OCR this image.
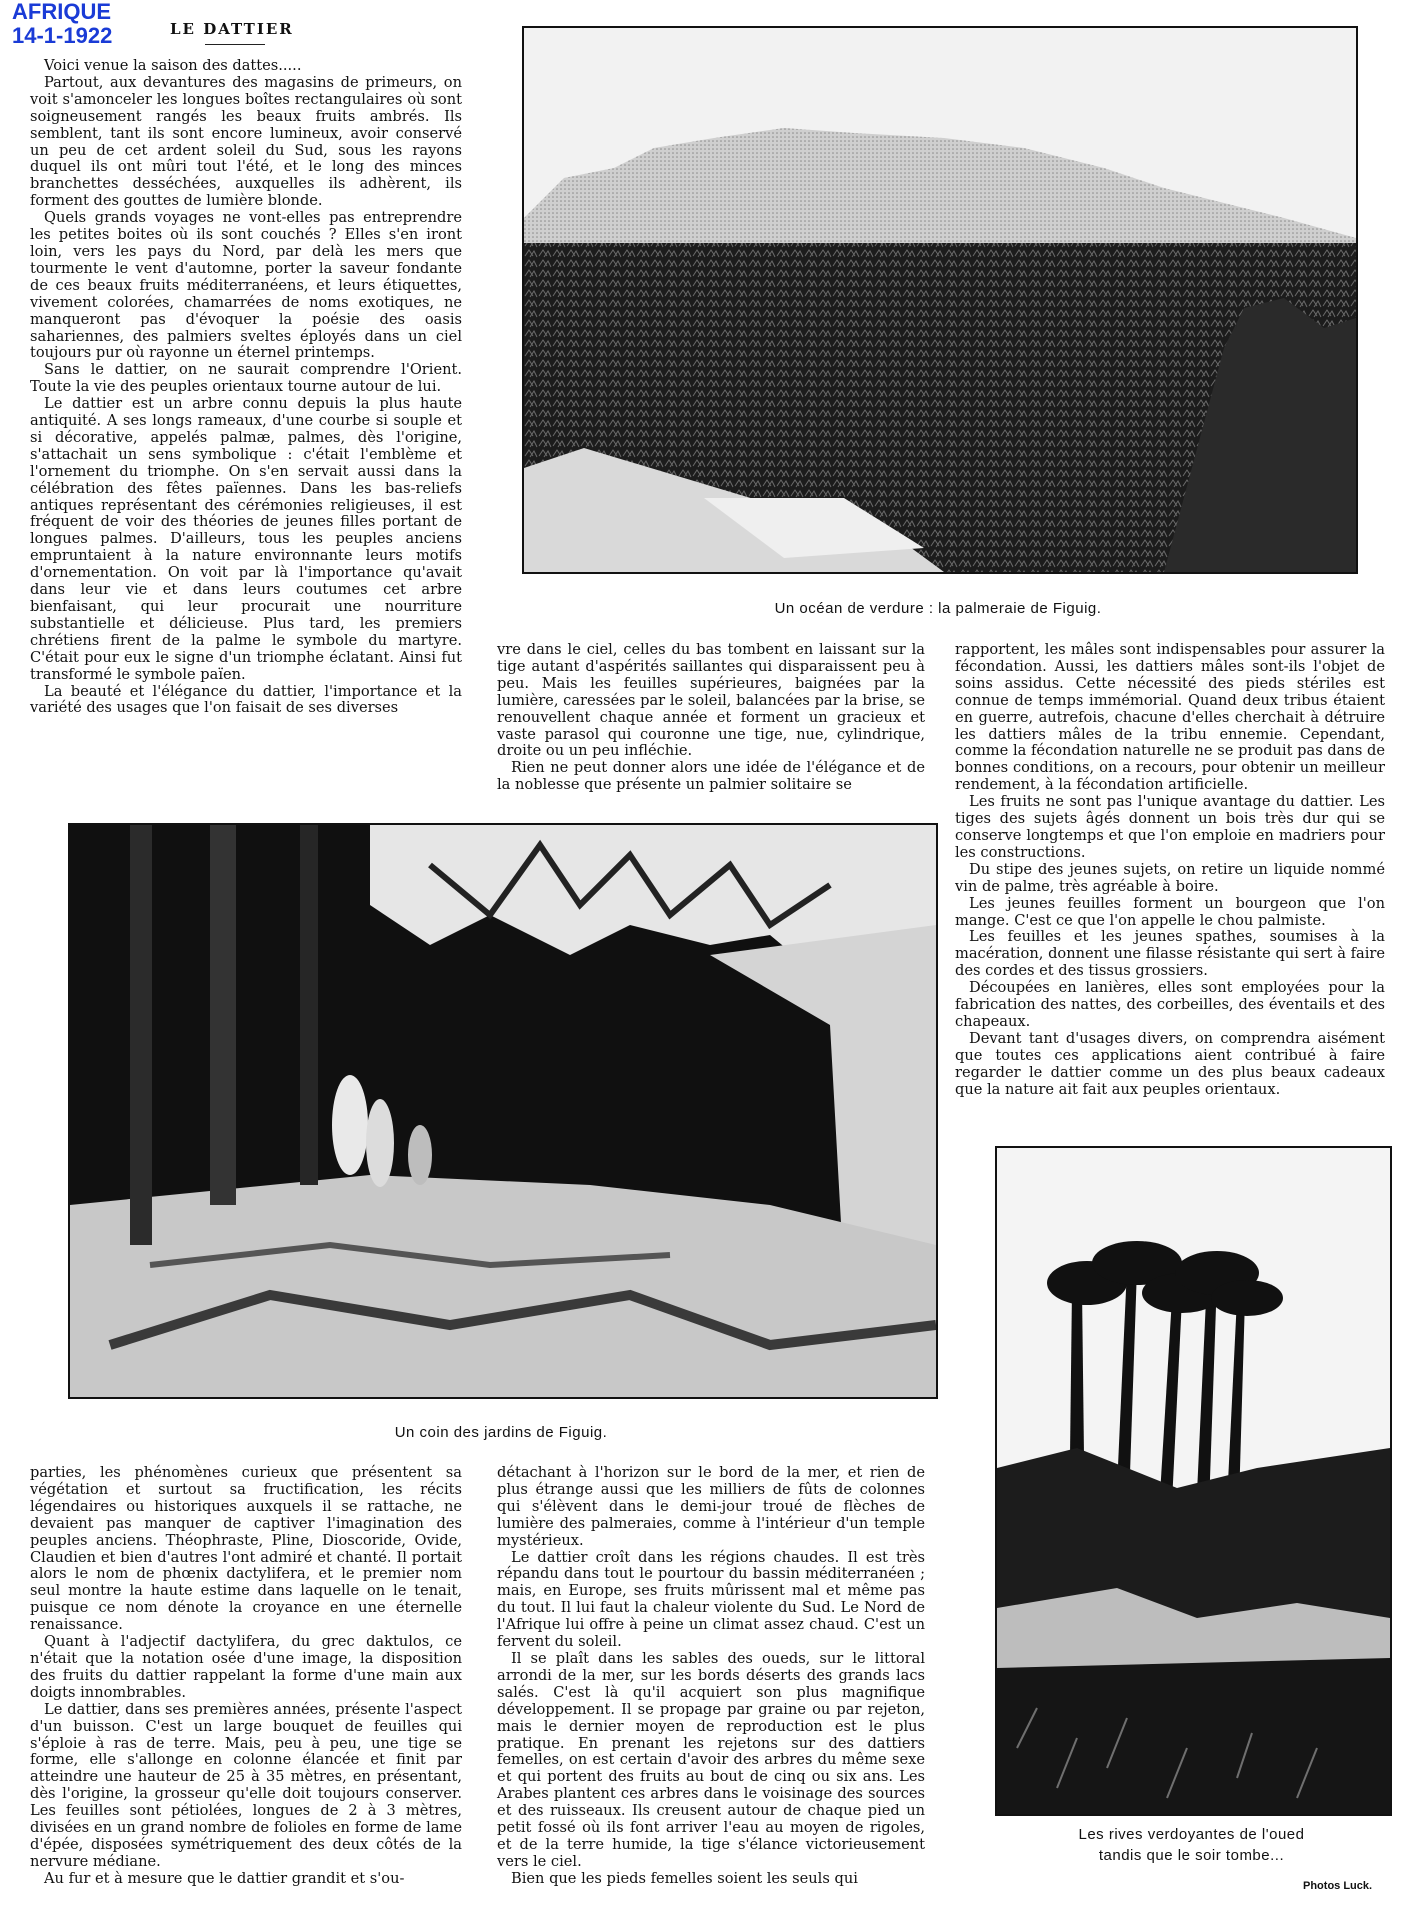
AFRIQUE
14-1-1922	LE DATTIER

Voici venue la saison des dattes.....

Partout, aux devantures des magasins de primeurs, on voit s'amonceler les longues boîtes rectangulaires où sont soigneusement rangés les beaux fruits ambrés. Ils semblent, tant ils sont encore lumineux, avoir conservé un peu de cet ardent soleil du Sud, sous les rayons duquel ils ont mûri tout l'été, et le long des minces branchettes desséchées, auxquelles ils adhèrent, ils forment des gouttes de lumière blonde.

Quels grands voyages ne vont-elles pas entreprendre les petites boites où ils sont couchés ? Elles s'en iront loin, vers les pays du Nord, par delà les mers que tourmente le vent d'automne, porter la saveur fondante de ces beaux fruits méditerranéens, et leurs étiquettes, vivement colorées, chamarrées de noms exotiques, ne manqueront pas d'évoquer la poésie des oasis sahariennes, des palmiers sveltes éployés dans un ciel toujours pur où rayonne un éternel printemps.

Sans le dattier, on ne saurait comprendre l'Orient. Toute la vie des peuples orientaux tourne autour de lui.

Le dattier est un arbre connu depuis la plus haute antiquité. A ses longs rameaux, d'une courbe si souple et si décorative, appelés palmæ, palmes, dès l'origine, s'attachait un sens symbolique : c'était l'emblème et l'ornement du triomphe. On s'en servait aussi dans la célébration des fêtes païennes. Dans les bas-reliefs antiques représentant des cérémonies religieuses, il est fréquent de voir des théories de jeunes filles portant de longues palmes. D'ailleurs, tous les peuples anciens empruntaient à la nature environnante leurs motifs d'ornementation. On voit par là l'importance qu'avait dans leur vie et dans leurs coutumes cet arbre bienfaisant, qui leur procurait une nourriture substantielle et délicieuse. Plus tard, les premiers chrétiens firent de la palme le symbole du martyre. C'était pour eux le signe d'un triomphe éclatant. Ainsi fut transformé le symbole païen.

La beauté et l'élégance du dattier, l'importance et la variété des usages que l'on faisait de ses diverses

Un océan de verdure : la palmeraie de Figuig.

vre dans le ciel, celles du bas tombent en laissant sur la tige autant d'aspérités saillantes qui disparaissent peu à peu. Mais les feuilles supérieures, baignées par la lumière, caressées par le soleil, balancées par la brise, se renouvellent chaque année et forment un gracieux et vaste parasol qui couronne une tige, nue, cylindrique, droite ou un peu infléchie.

Rien ne peut donner alors une idée de l'élégance et de la noblesse que présente un palmier solitaire se

rapportent, les mâles sont indispensables pour assurer la fécondation. Aussi, les dattiers mâles sont-ils l'objet de soins assidus. Cette nécessité des pieds stériles est connue de temps immémorial. Quand deux tribus étaient en guerre, autrefois, chacune d'elles cherchait à détruire les dattiers mâles de la tribu ennemie. Cependant, comme la fécondation naturelle ne se produit pas dans de bonnes conditions, on a recours, pour obtenir un meilleur rendement, à la fécondation artificielle.

Les fruits ne sont pas l'unique avantage du dattier. Les tiges des sujets âgés donnent un bois très dur qui se conserve longtemps et que l'on emploie en madriers pour les constructions.

Du stipe des jeunes sujets, on retire un liquide nommé vin de palme, très agréable à boire.

Les jeunes feuilles forment un bourgeon que l'on mange. C'est ce que l'on appelle le chou palmiste.

Les feuilles et les jeunes spathes, soumises à la macération, donnent une filasse résistante qui sert à faire des cordes et des tissus grossiers.

Découpées en lanières, elles sont employées pour la fabrication des nattes, des corbeilles, des éventails et des chapeaux.

Devant tant d'usages divers, on comprendra aisément que toutes ces applications aient contribué à faire regarder le dattier comme un des plus beaux cadeaux que la nature ait fait aux peuples orientaux.

Un coin des jardins de Figuig.
Les rives verdoyantes de l'oued
tandis que le soir tombe...
Photos Luck.

parties, les phénomènes curieux que présentent sa végétation et surtout sa fructification, les récits légendaires ou historiques auxquels il se rattache, ne devaient pas manquer de captiver l'imagination des peuples anciens. Théophraste, Pline, Dioscoride, Ovide, Claudien et bien d'autres l'ont admiré et chanté. Il portait alors le nom de phœnix dactylifera, et le premier nom seul montre la haute estime dans laquelle on le tenait, puisque ce nom dénote la croyance en une éternelle renaissance.

Quant à l'adjectif dactylifera, du grec daktulos, ce n'était que la notation osée d'une image, la disposition des fruits du dattier rappelant la forme d'une main aux doigts innombrables.

Le dattier, dans ses premières années, présente l'aspect d'un buisson. C'est un large bouquet de feuilles qui s'éploie à ras de terre. Mais, peu à peu, une tige se forme, elle s'allonge en colonne élancée et finit par atteindre une hauteur de 25 à 35 mètres, en présentant, dès l'origine, la grosseur qu'elle doit toujours conserver. Les feuilles sont pétiolées, longues de 2 à 3 mètres, divisées en un grand nombre de folioles en forme de lame d'épée, disposées symétriquement des deux côtés de la nervure médiane.

Au fur et à mesure que le dattier grandit et s'ou-

détachant à l'horizon sur le bord de la mer, et rien de plus étrange aussi que les milliers de fûts de colonnes qui s'élèvent dans le demi-jour troué de flèches de lumière des palmeraies, comme à l'intérieur d'un temple mystérieux.

Le dattier croît dans les régions chaudes. Il est très répandu dans tout le pourtour du bassin méditerranéen ; mais, en Europe, ses fruits mûrissent mal et même pas du tout. Il lui faut la chaleur violente du Sud. Le Nord de l'Afrique lui offre à peine un climat assez chaud. C'est un fervent du soleil.

Il se plaît dans les sables des oueds, sur le littoral arrondi de la mer, sur les bords déserts des grands lacs salés. C'est là qu'il acquiert son plus magnifique développement. Il se propage par graine ou par rejeton, mais le dernier moyen de reproduction est le plus pratique. En prenant les rejetons sur des dattiers femelles, on est certain d'avoir des arbres du même sexe et qui portent des fruits au bout de cinq ou six ans. Les Arabes plantent ces arbres dans le voisinage des sources et des ruisseaux. Ils creusent autour de chaque pied un petit fossé où ils font arriver l'eau au moyen de rigoles, et de la terre humide, la tige s'élance victorieusement vers le ciel.

Bien que les pieds femelles soient les seuls qui
